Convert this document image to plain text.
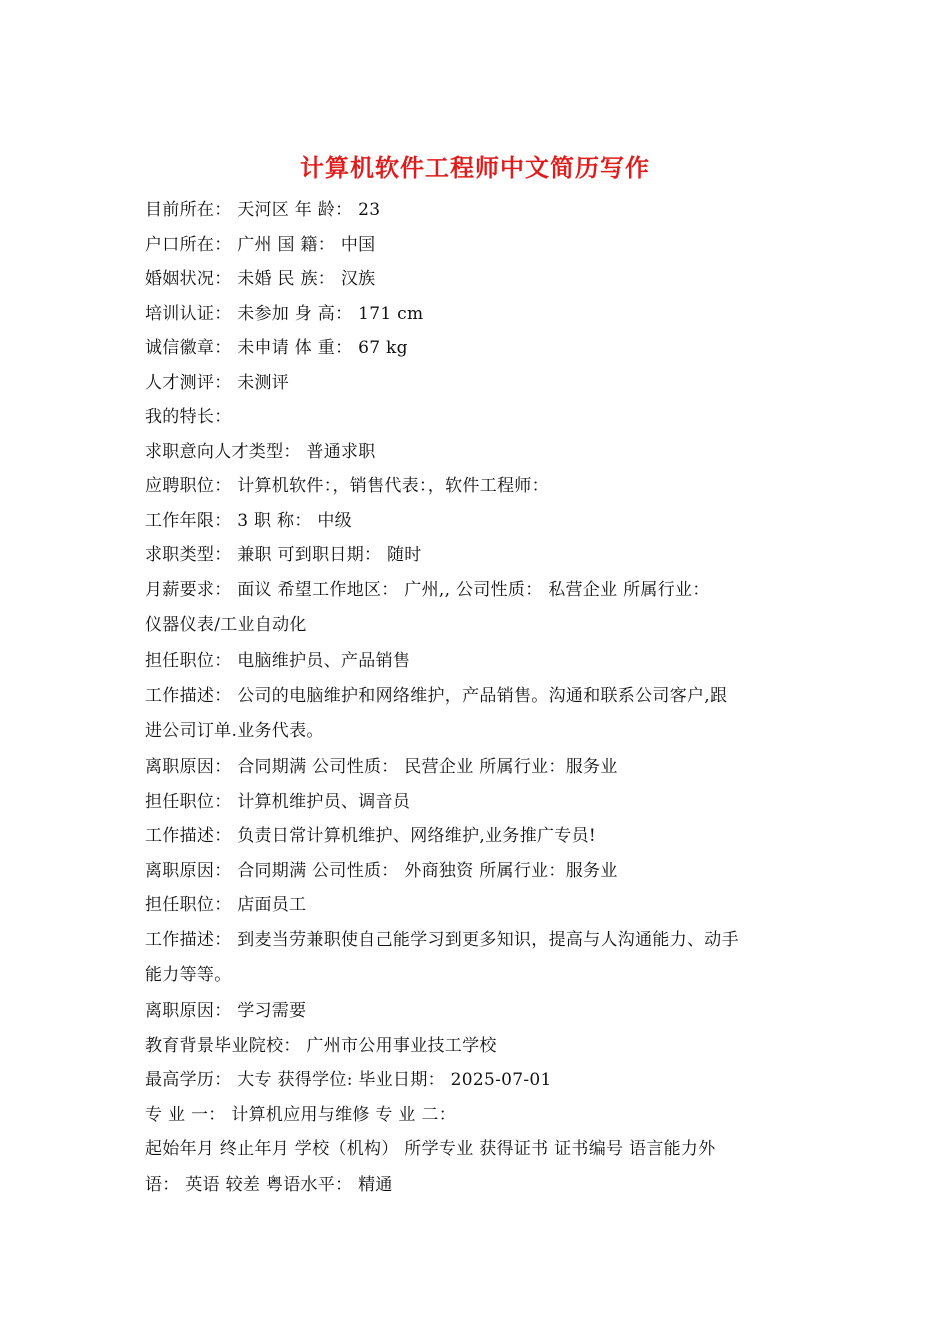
计算机软件工程师中文简历写作
目前所在： 天河区 年 龄： 23
户口所在： 广州 国 籍： 中国
婚姻状况： 未婚 民 族： 汉族
培训认证： 未参加 身 高： 171 cm
诚信徽章： 未申请 体 重： 67 kg
人才测评： 未测评
我的特长：
求职意向人才类型： 普通求职
应聘职位： 计算机软件：，销售代表：，软件工程师：
工作年限： 3 职 称： 中级
求职类型： 兼职 可到职日期： 随时
月薪要求： 面议 希望工作地区： 广州,, 公司性质： 私营企业 所属行业：
仪器仪表/工业自动化
担任职位： 电脑维护员、产品销售
工作描述： 公司的电脑维护和网络维护，产品销售。沟通和联系公司客户,跟
进公司订单.业务代表。
离职原因： 合同期满 公司性质： 民营企业 所属行业：服务业
担任职位： 计算机维护员、调音员
工作描述： 负责日常计算机维护、网络维护,业务推广专员!
离职原因： 合同期满 公司性质： 外商独资 所属行业：服务业
担任职位： 店面员工
工作描述： 到麦当劳兼职使自己能学习到更多知识，提高与人沟通能力、动手
能力等等。
离职原因： 学习需要
教育背景毕业院校： 广州市公用事业技工学校
最高学历： 大专 获得学位: 毕业日期： 2025-07-01
专 业 一： 计算机应用与维修 专 业 二：
起始年月 终止年月 学校（机构） 所学专业 获得证书 证书编号 语言能力外
语： 英语 较差 粤语水平： 精通
